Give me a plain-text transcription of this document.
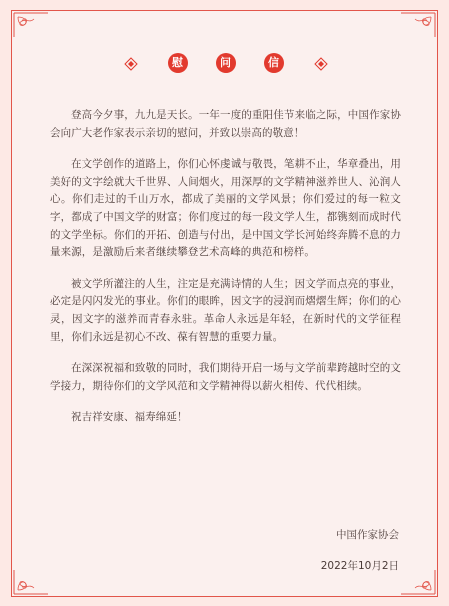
慰	问	信

登高今夕事，九九是天长。一年一度的重阳佳节来临之际，中国作家协会向广大老作家表示亲切的慰问，并致以崇高的敬意！

在文学创作的道路上，你们心怀虔诚与敬畏，笔耕不止，华章叠出，用美好的文字绘就大千世界、人间烟火，用深厚的文学精神滋养世人、沁润人心。你们走过的千山万水，都成了美丽的文学风景；你们爱过的每一粒文字，都成了中国文学的财富；你们度过的每一段文学人生，都镌刻而成时代的文学坐标。你们的开拓、创造与付出，是中国文学长河始终奔腾不息的力量来源，是激励后来者继续攀登艺术高峰的典范和榜样。

被文学所灌注的人生，注定是充满诗情的人生；因文学而点亮的事业，必定是闪闪发光的事业。你们的眼眸，因文字的浸润而熠熠生辉；你们的心灵，因文字的滋养而青春永驻。革命人永远是年轻，在新时代的文学征程里，你们永远是初心不改、葆有智慧的重要力量。

在深深祝福和致敬的同时，我们期待开启一场与文学前辈跨越时空的文学接力，期待你们的文学风范和文学精神得以薪火相传、代代相续。

祝吉祥安康、福寿绵延！

中国作家协会
2022年10月2日
